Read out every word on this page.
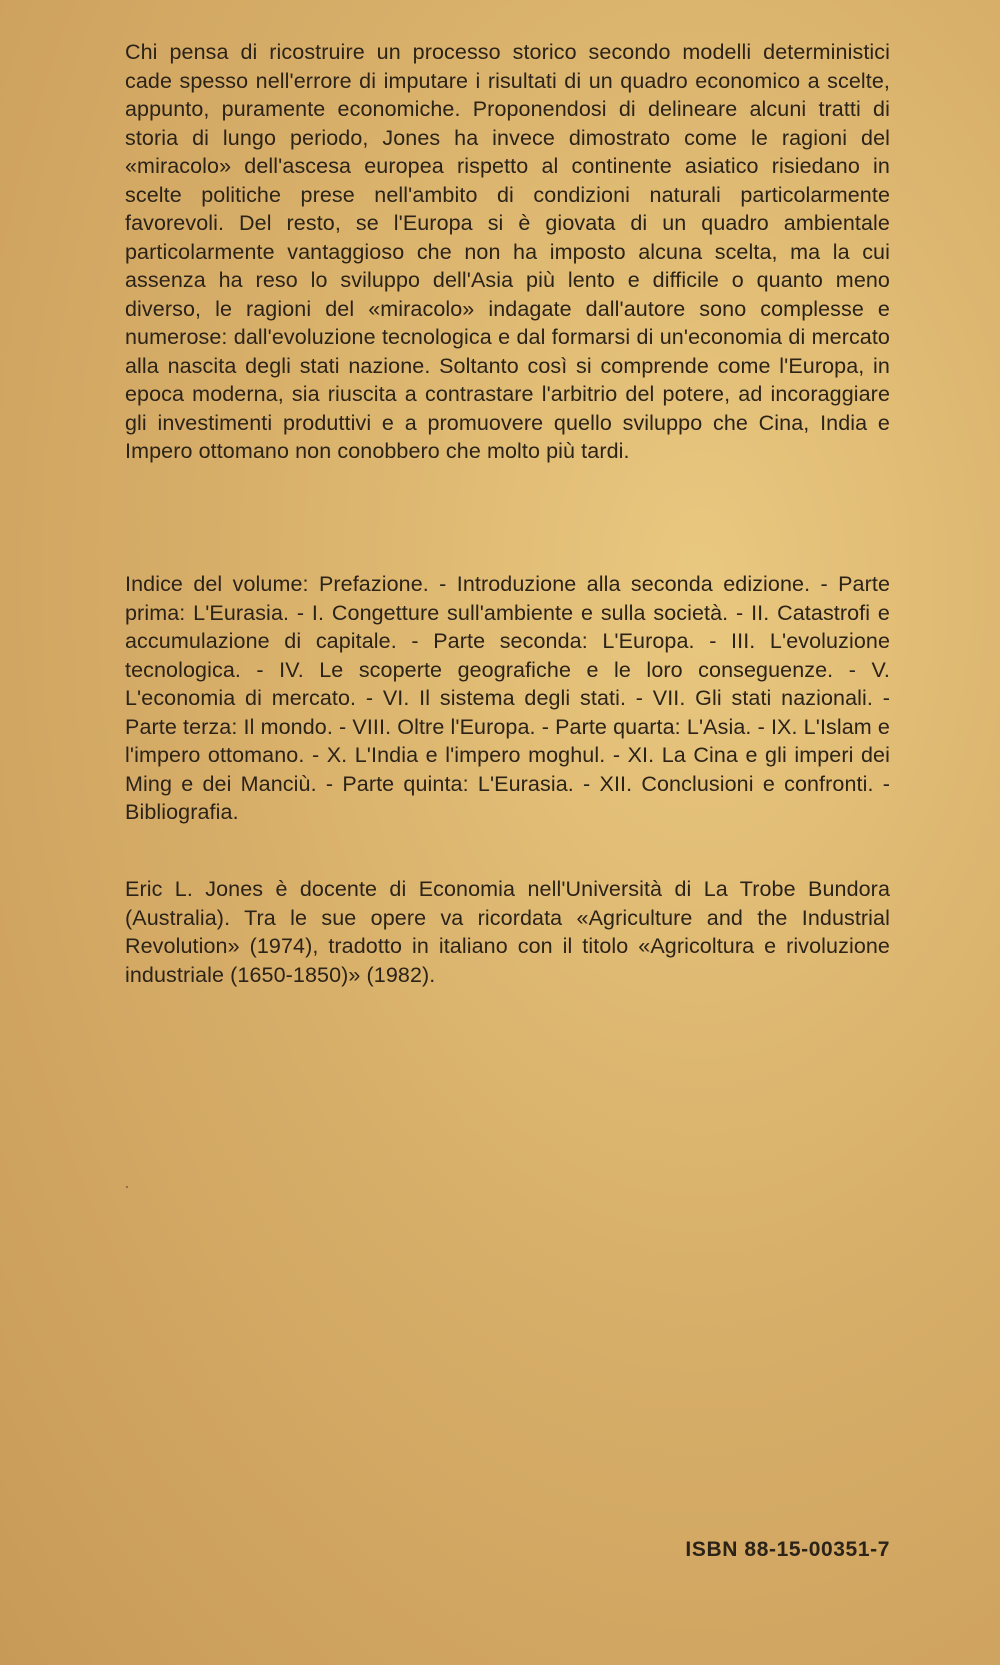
Chi pensa di ricostruire un processo storico secondo modelli deterministici cade spesso nell'errore di imputare i risultati di un quadro economico a scelte, appunto, puramente economiche. Proponendosi di delineare alcuni tratti di storia di lungo periodo, Jones ha invece dimostrato come le ragioni del «miracolo» dell'ascesa europea rispetto al continente asiatico risiedano in scelte politiche prese nell'ambito di condizioni naturali particolarmente favorevoli. Del resto, se l'Europa si è giovata di un quadro ambientale particolarmente vantaggioso che non ha imposto alcuna scelta, ma la cui assenza ha reso lo sviluppo dell'Asia più lento e difficile o quanto meno diverso, le ragioni del «miracolo» indagate dall'autore sono complesse e numerose: dall'evoluzione tecnologica e dal formarsi di un'economia di mercato alla nascita degli stati nazione. Soltanto così si comprende come l'Europa, in epoca moderna, sia riuscita a contrastare l'arbitrio del potere, ad incoraggiare gli investimenti produttivi e a promuovere quello sviluppo che Cina, India e Impero ottomano non conobbero che molto più tardi.

Indice del volume: Prefazione. - Introduzione alla seconda edizione. - Parte prima: L'Eurasia. - I. Congetture sull'ambiente e sulla società. - II. Catastrofi e accumulazione di capitale. - Parte seconda: L'Europa. - III. L'evoluzione tecnologica. - IV. Le scoperte geografiche e le loro conseguenze. - V. L'economia di mercato. - VI. Il sistema degli stati. - VII. Gli stati nazionali. - Parte terza: Il mondo. - VIII. Oltre l'Europa. - Parte quarta: L'Asia. - IX. L'Islam e l'impero ottomano. - X. L'India e l'impero moghul. - XI. La Cina e gli imperi dei Ming e dei Manciù. - Parte quinta: L'Eurasia. - XII. Conclusioni e confronti. - Bibliografia.

Eric L. Jones è docente di Economia nell'Università di La Trobe Bundora (Australia). Tra le sue opere va ricordata «Agriculture and the Industrial Revolution» (1974), tradotto in italiano con il titolo «Agricoltura e rivoluzione industriale (1650-1850)» (1982).

ISBN 88-15-00351-7
